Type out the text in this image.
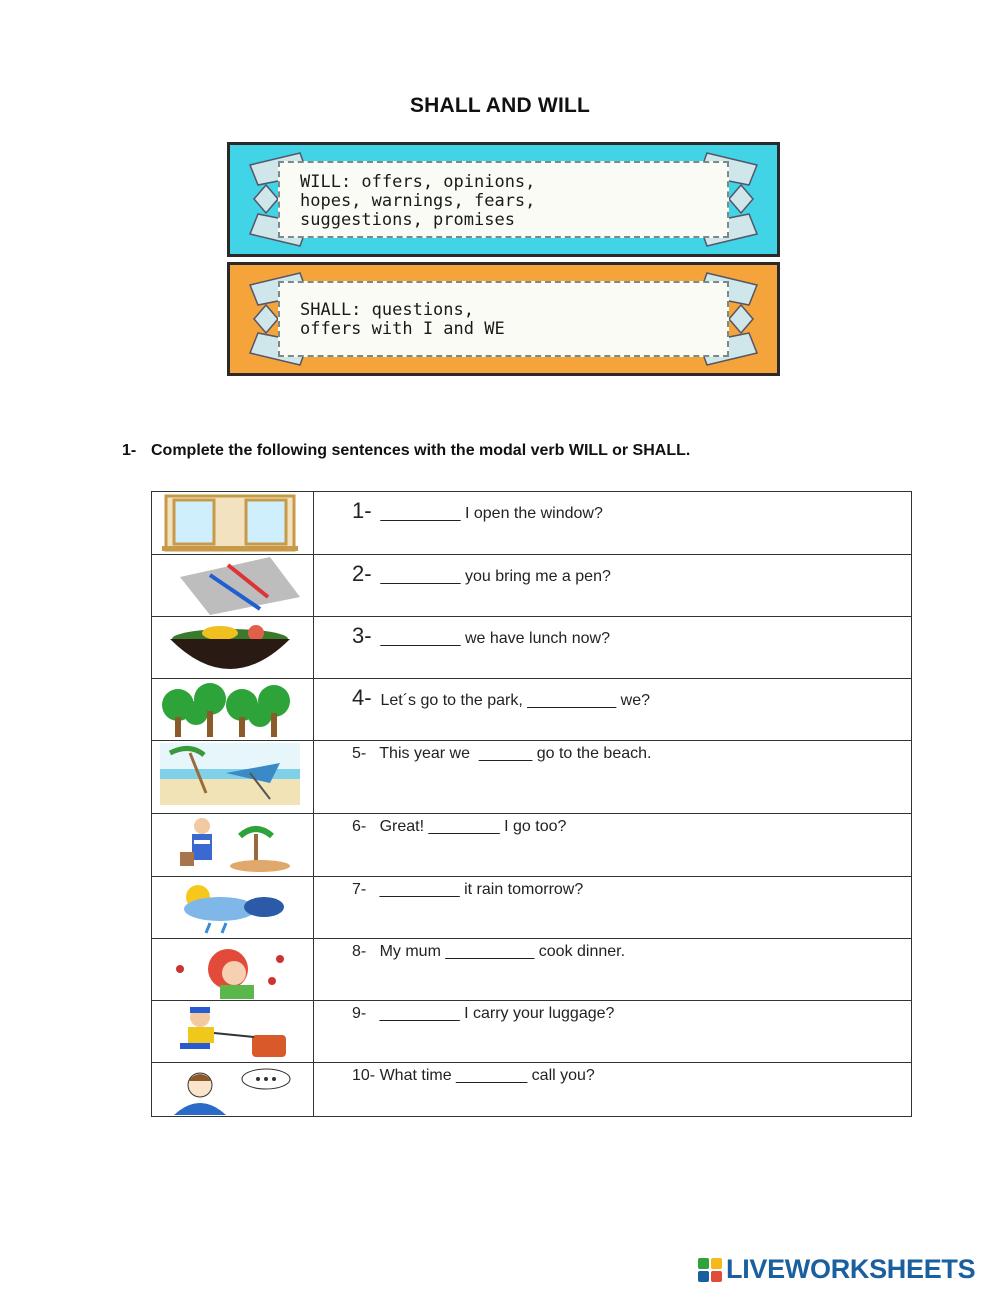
SHALL AND WILL
WILL: offers, opinions,
hopes, warnings, fears,
suggestions, promises
SHALL: questions,
offers with I and WE
1- Complete the following sentences with the modal verb WILL or SHALL.
1- _________ I open the window?
2- _________ you bring me a pen?
3- _________ we have lunch now?
4- Let´s go to the park, __________ we?
5- This year we  ______ go to the beach.
6- Great! ________ I go too?
7- _________ it rain tomorrow?
8- My mum __________ cook dinner.
9- _________ I carry your luggage?
10- What time ________ call you?
LIVEWORKSHEETS
